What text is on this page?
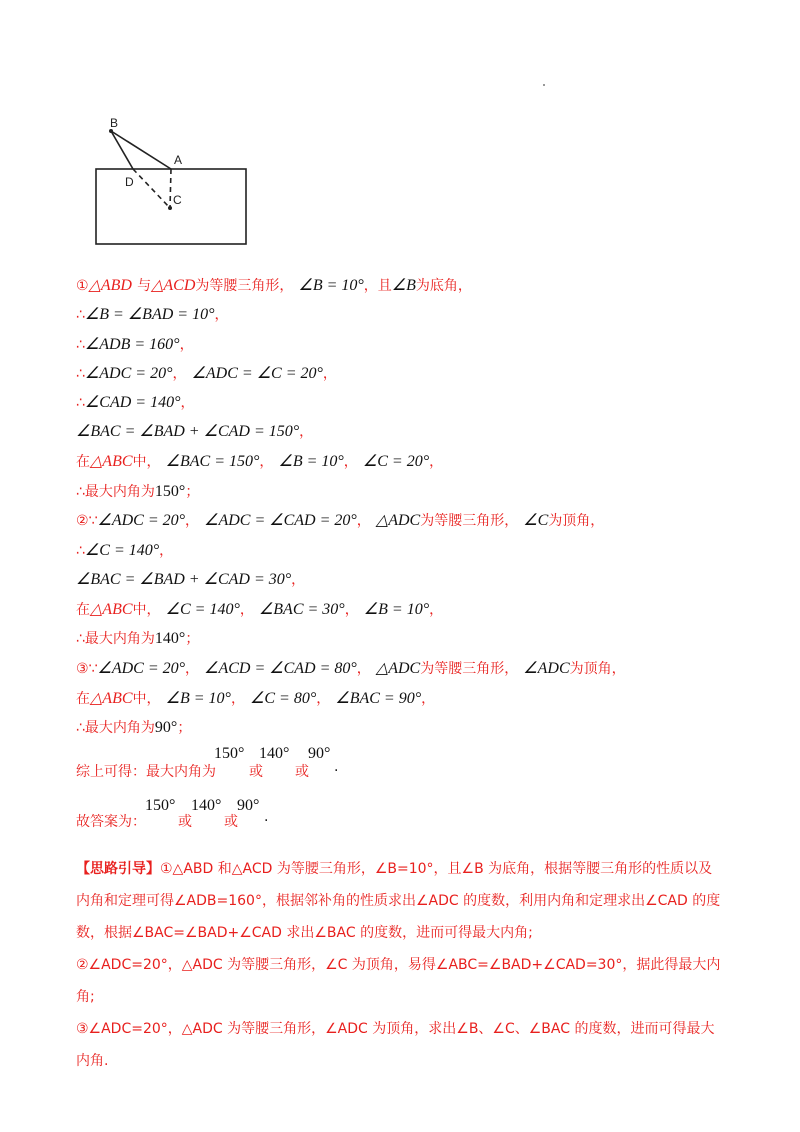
B
A
D
C
①△ABD 与△ACD为等腰三角形， ∠B = 10°，且∠B为底角，
∴∠B = ∠BAD = 10°，
∴∠ADB = 160°，
∴∠ADC = 20°， ∠ADC = ∠C = 20°，
∴∠CAD = 140°，
∠BAC = ∠BAD + ∠CAD = 150°，
在△ABC中， ∠BAC = 150°， ∠B = 10°， ∠C = 20°，
∴最大内角为150°；
②∵∠ADC = 20°， ∠ADC = ∠CAD = 20°， △ADC为等腰三角形， ∠C为顶角，
∴∠C = 140°，
∠BAC = ∠BAD + ∠CAD = 30°，
在△ABC中， ∠C = 140°， ∠BAC = 30°， ∠B = 10°，
∴最大内角为140°；
③∵∠ADC = 20°， ∠ACD = ∠CAD = 80°， △ADC为等腰三角形， ∠ADC为顶角，
在△ABC中， ∠B = 10°， ∠C = 80°， ∠BAC = 90°，
∴最大内角为90°；
综上可得：最大内角为
150°
或
140°
或
90°
.
故答案为：
150°
或
140°
或
90°
.
【思路引导】①△ABD 和△ACD 为等腰三角形，∠B=10°，且∠B 为底角，根据等腰三角形的性质以及内角和定理可得∠ADB=160°，根据邻补角的性质求出∠ADC 的度数，利用内角和定理求出∠CAD 的度数，根据∠BAC=∠BAD+∠CAD 求出∠BAC 的度数，进而可得最大内角;
②∠ADC=20°，△ADC 为等腰三角形，∠C 为顶角，易得∠ABC=∠BAD+∠CAD=30°，据此得最大内角;
③∠ADC=20°，△ADC 为等腰三角形，∠ADC 为顶角，求出∠B、∠C、∠BAC 的度数，进而可得最大内角.
